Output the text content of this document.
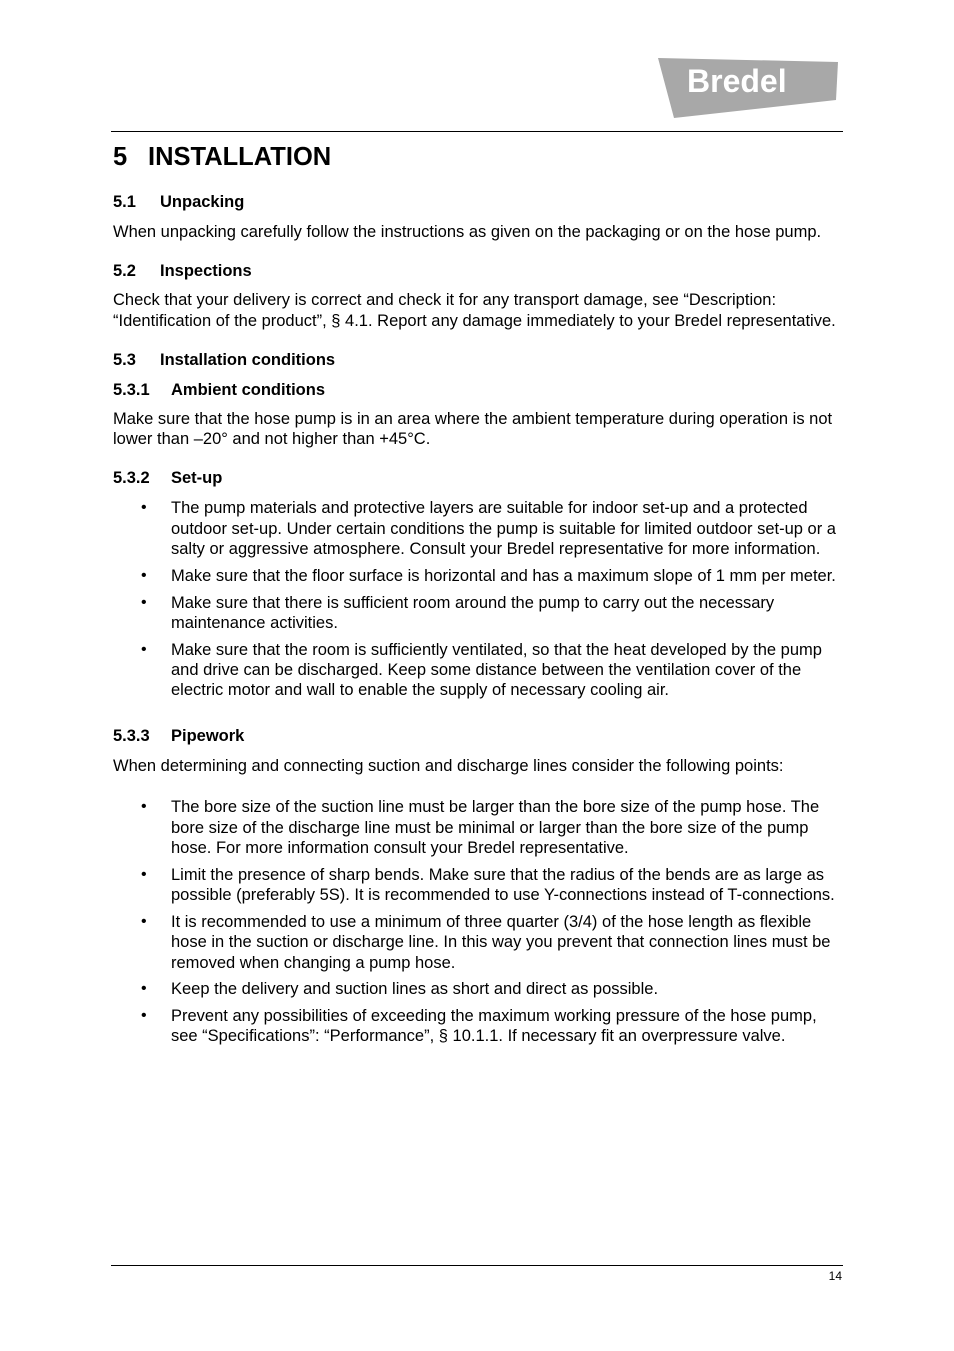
Bredel
5 INSTALLATION
5.1 Unpacking

When unpacking carefully follow the instructions as given on the packaging or on the hose pump.

5.2 Inspections

Check that your delivery is correct and check it for any transport damage, see “Description: “Identification of the product”, § 4.1. Report any damage immediately to your Bredel representative.

5.3 Installation conditions
5.3.1 Ambient conditions

Make sure that the hose pump is in an area where the ambient temperature during operation is not lower than –20° and not higher than +45°C.

5.3.2 Set-up
• The pump materials and protective layers are suitable for indoor set-up and a protected outdoor set-up. Under certain conditions the pump is suitable for limited outdoor set-up or a salty or aggressive atmosphere. Consult your Bredel representative for more information.
• Make sure that the floor surface is horizontal and has a maximum slope of 1 mm per meter.
• Make sure that there is sufficient room around the pump to carry out the necessary maintenance activities.
• Make sure that the room is sufficiently ventilated, so that the heat developed by the pump and drive can be discharged. Keep some distance between the ventilation cover of the electric motor and wall to enable the supply of necessary cooling air.
5.3.3 Pipework

When determining and connecting suction and discharge lines consider the following points:

• The bore size of the suction line must be larger than the bore size of the pump hose. The bore size of the discharge line must be minimal or larger than the bore size of the pump hose. For more information consult your Bredel representative.
• Limit the presence of sharp bends. Make sure that the radius of the bends are as large as possible (preferably 5S). It is recommended to use Y-connections instead of T-connections.
• It is recommended to use a minimum of three quarter (3/4) of the hose length as flexible hose in the suction or discharge line. In this way you prevent that connection lines must be removed when changing a pump hose.
• Keep the delivery and suction lines as short and direct as possible.
• Prevent any possibilities of exceeding the maximum working pressure of the hose pump, see “Specifications”: “Performance”, § 10.1.1. If necessary fit an overpressure valve.
14
